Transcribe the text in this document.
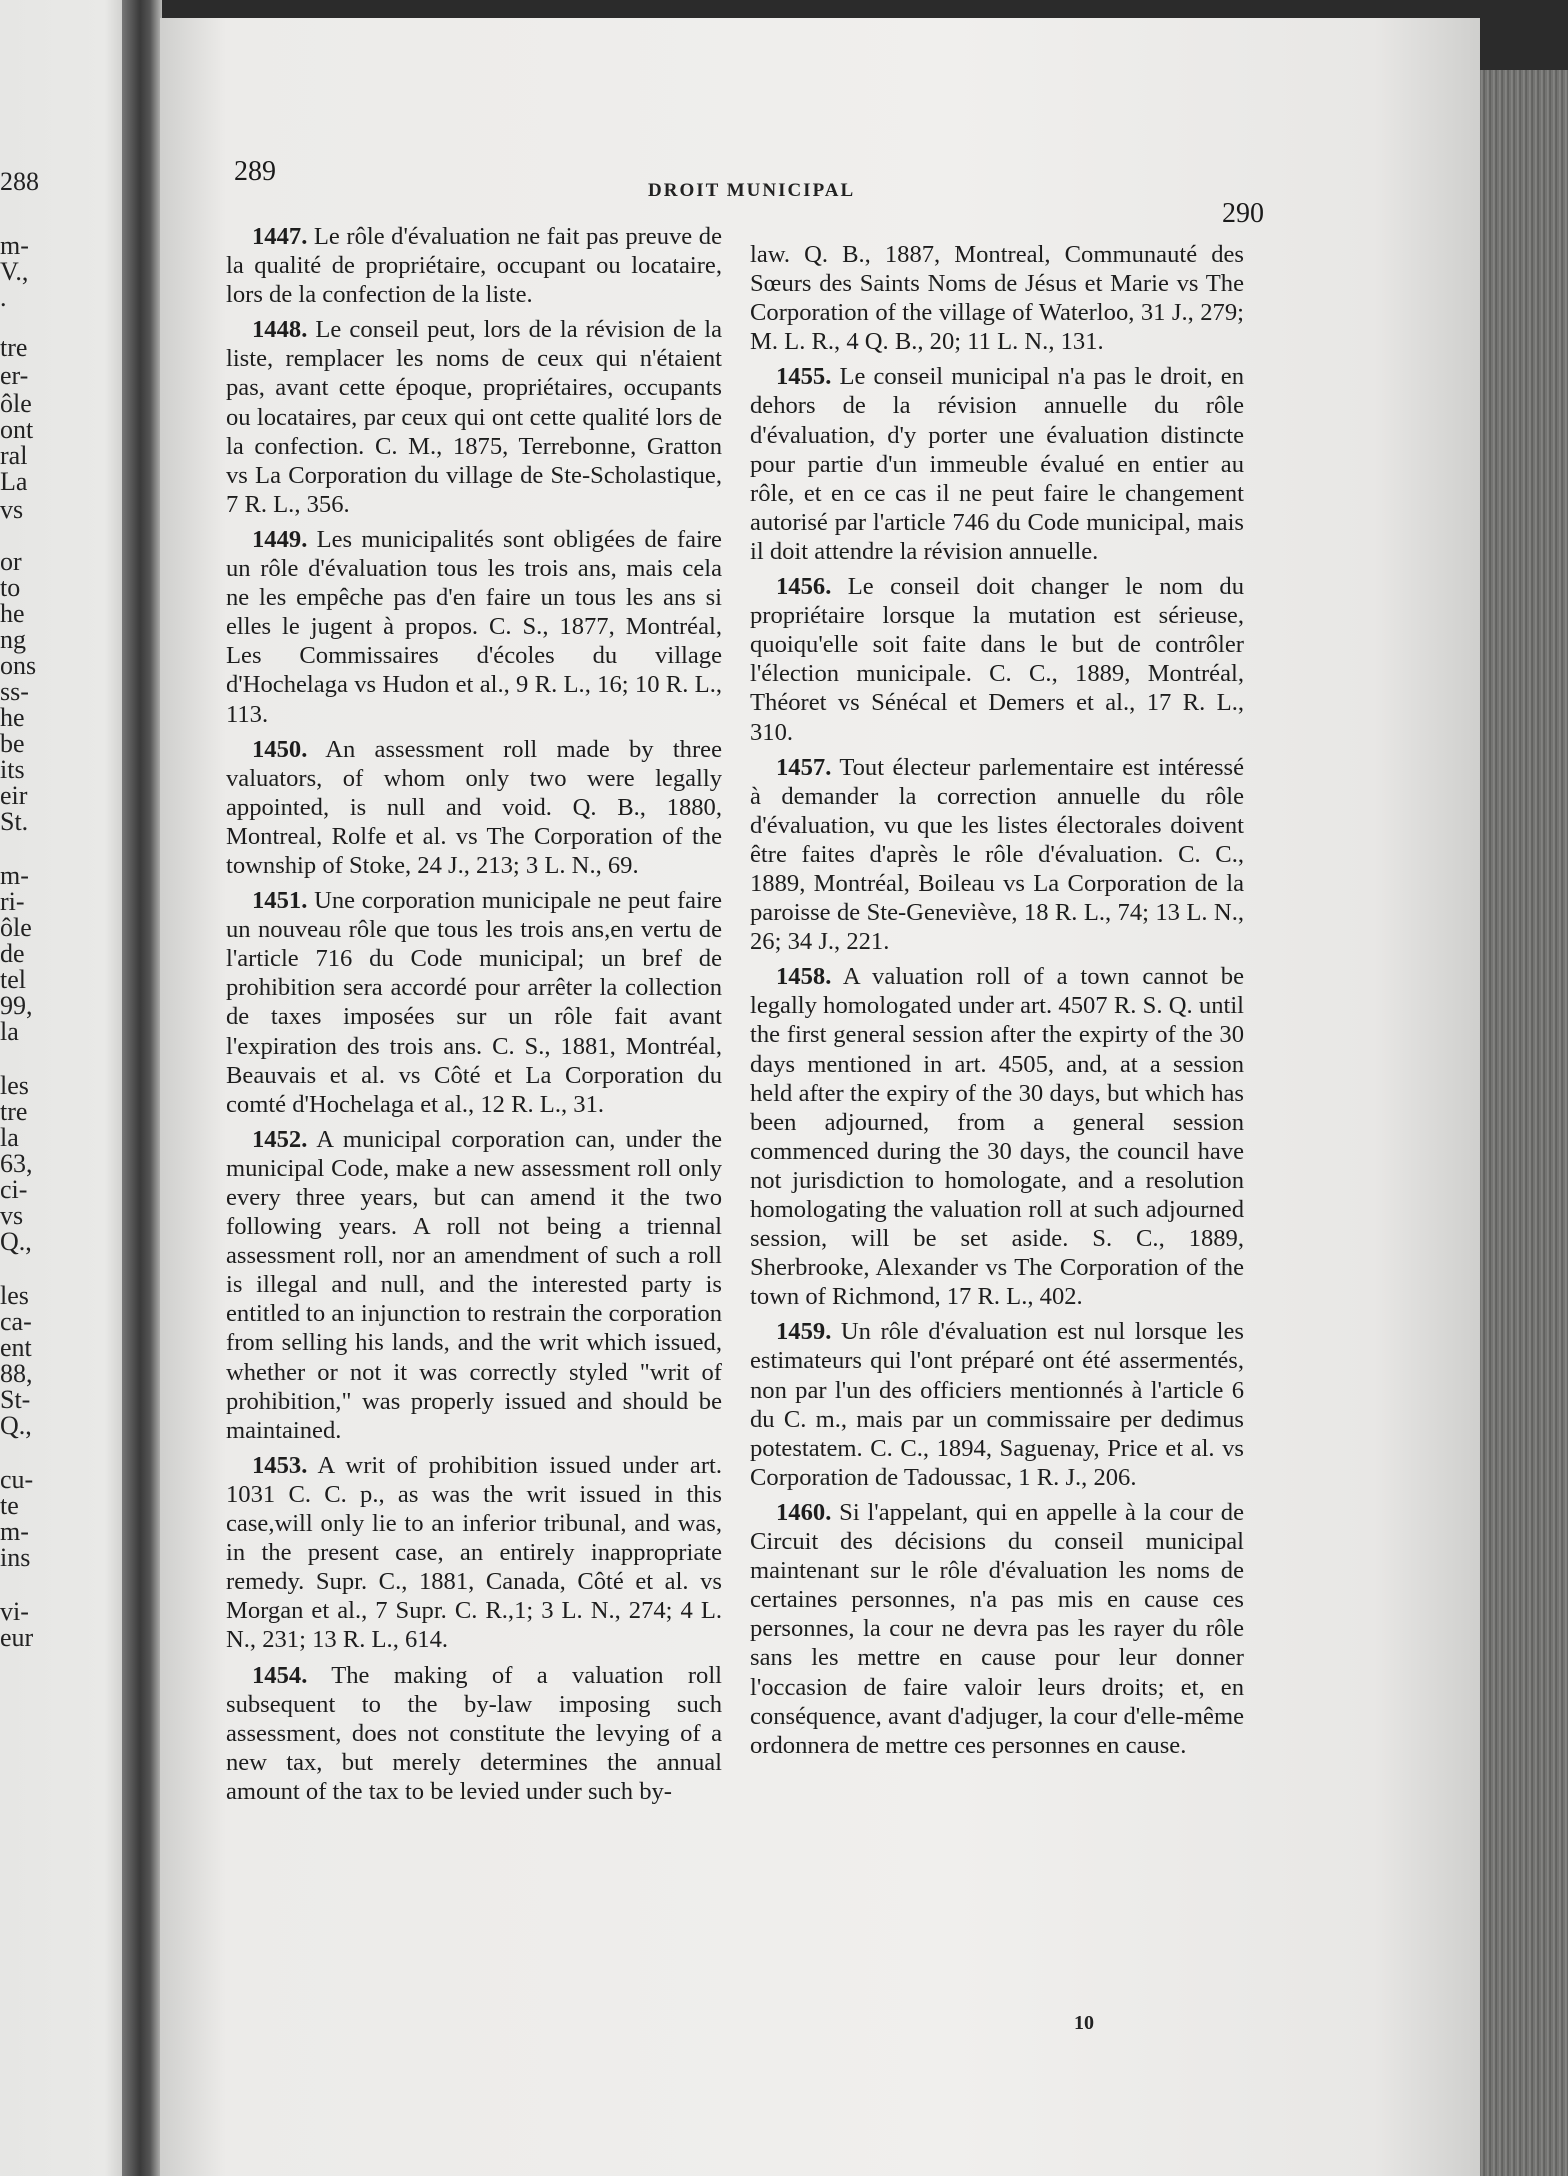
288
m-
V.,
.
tre
er-
ôle
ont
ral
La
vs
or
to
he
ng
ons
ss-
he
be
its
eir
St.
m-
ri-
ôle
de
tel
99,
la
les
tre
la
63,
ci-
vs
Q.,
les
ca-
ent
88,
St-
Q.,
cu-
te
m-
ins
vi-
eur
289
DROIT MUNICIPAL
290

1447. Le rôle d'évaluation ne fait pas preuve de la qualité de propriétaire, occupant ou locataire, lors de la confection de la liste.

1448. Le conseil peut, lors de la révision de la liste, remplacer les noms de ceux qui n'étaient pas, avant cette époque, propriétaires, occupants ou locataires, par ceux qui ont cette qualité lors de la confection. C. M., 1875, Terrebonne, Gratton vs La Corporation du village de Ste-Scholastique, 7 R. L., 356.

1449. Les municipalités sont obligées de faire un rôle d'évaluation tous les trois ans, mais cela ne les empêche pas d'en faire un tous les ans si elles le jugent à propos. C. S., 1877, Montréal, Les Commissaires d'écoles du village d'Hochelaga vs Hudon et al., 9 R. L., 16; 10 R. L., 113.

1450. An assessment roll made by three valuators, of whom only two were legally appointed, is null and void. Q. B., 1880, Montreal, Rolfe et al. vs The Corporation of the township of Stoke, 24 J., 213; 3 L. N., 69.

1451. Une corporation municipale ne peut faire un nouveau rôle que tous les trois ans,en vertu de l'article 716 du Code municipal; un bref de prohibition sera accordé pour arrêter la collection de taxes imposées sur un rôle fait avant l'expiration des trois ans. C. S., 1881, Montréal, Beauvais et al. vs Côté et La Corporation du comté d'Hochelaga et al., 12 R. L., 31.

1452. A municipal corporation can, under the municipal Code, make a new assessment roll only every three years, but can amend it the two following years. A roll not being a triennal assessment roll, nor an amendment of such a roll is illegal and null, and the interested party is entitled to an injunction to restrain the corporation from selling his lands, and the writ which issued, whether or not it was correctly styled "writ of prohibition," was properly issued and should be maintained.

1453. A writ of prohibition issued under art. 1031 C. C. p., as was the writ issued in this case,will only lie to an inferior tribunal, and was, in the present case, an entirely inappropriate remedy. Supr. C., 1881, Canada, Côté et al. vs Morgan et al., 7 Supr. C. R.,1; 3 L. N., 274; 4 L. N., 231; 13 R. L., 614.

1454. The making of a valuation roll subsequent to the by-law imposing such assessment, does not constitute the levying of a new tax, but merely determines the annual amount of the tax to be levied under such by-

law. Q. B., 1887, Montreal, Communauté des Sœurs des Saints Noms de Jésus et Marie vs The Corporation of the village of Waterloo, 31 J., 279; M. L. R., 4 Q. B., 20; 11 L. N., 131.

1455. Le conseil municipal n'a pas le droit, en dehors de la révision annuelle du rôle d'évaluation, d'y porter une évaluation distincte pour partie d'un immeuble évalué en entier au rôle, et en ce cas il ne peut faire le changement autorisé par l'article 746 du Code municipal, mais il doit attendre la révision annuelle.

1456. Le conseil doit changer le nom du propriétaire lorsque la mutation est sérieuse, quoiqu'elle soit faite dans le but de contrôler l'élection municipale. C. C., 1889, Montréal, Théoret vs Sénécal et Demers et al., 17 R. L., 310.

1457. Tout électeur parlementaire est intéressé à demander la correction annuelle du rôle d'évaluation, vu que les listes électorales doivent être faites d'après le rôle d'évaluation. C. C., 1889, Montréal, Boileau vs La Corporation de la paroisse de Ste-Geneviève, 18 R. L., 74; 13 L. N., 26; 34 J., 221.

1458. A valuation roll of a town cannot be legally homologated under art. 4507 R. S. Q. until the first general session after the expirty of the 30 days mentioned in art. 4505, and, at a session held after the expiry of the 30 days, but which has been adjourned, from a general session commenced during the 30 days, the council have not jurisdiction to homologate, and a resolution homologating the valuation roll at such adjourned session, will be set aside. S. C., 1889, Sherbrooke, Alexander vs The Corporation of the town of Richmond, 17 R. L., 402.

1459. Un rôle d'évaluation est nul lorsque les estimateurs qui l'ont préparé ont été assermentés, non par l'un des officiers mentionnés à l'article 6 du C. m., mais par un commissaire per dedimus potestatem. C. C., 1894, Saguenay, Price et al. vs Corporation de Tadoussac, 1 R. J., 206.

1460. Si l'appelant, qui en appelle à la cour de Circuit des décisions du conseil municipal maintenant sur le rôle d'évaluation les noms de certaines personnes, n'a pas mis en cause ces personnes, la cour ne devra pas les rayer du rôle sans les mettre en cause pour leur donner l'occasion de faire valoir leurs droits; et, en conséquence, avant d'adjuger, la cour d'elle-même ordonnera de mettre ces personnes en cause.

10
